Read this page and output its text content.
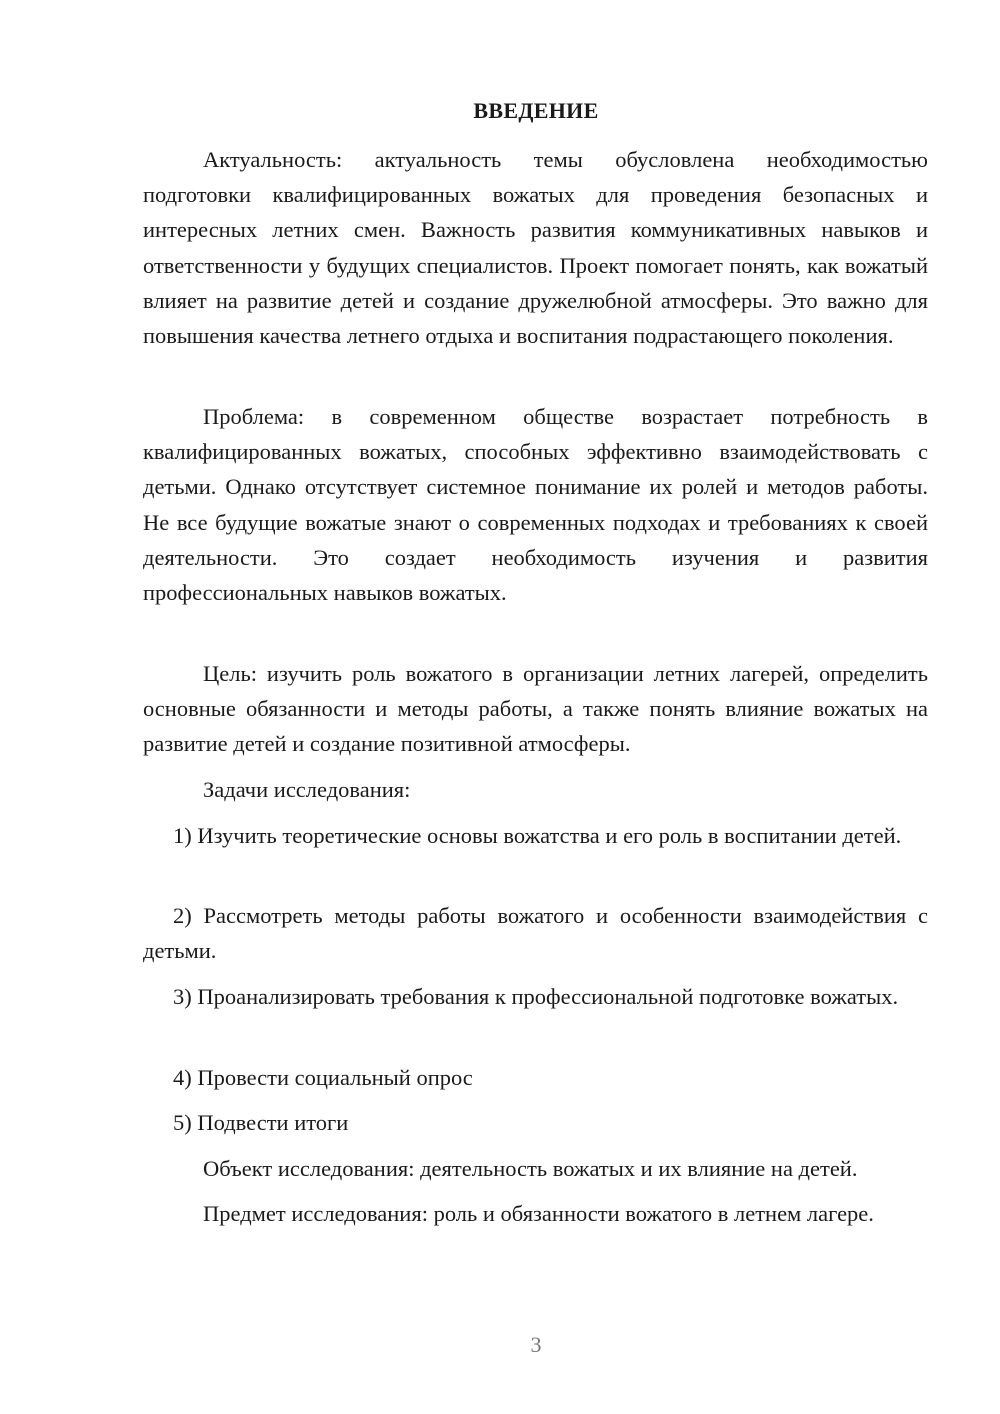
ВВЕДЕНИЕ

Актуальность: актуальность темы обусловлена необходимостью подготовки квалифицированных вожатых для проведения безопасных и интересных летних смен. Важность развития коммуникативных навыков и ответственности у будущих специалистов. Проект помогает понять, как вожатый влияет на развитие детей и создание дружелюбной атмосферы. Это важно для повышения качества летнего отдыха и воспитания подрастающего поколения.

Проблема: в современном обществе возрастает потребность в квалифицированных вожатых, способных эффективно взаимодействовать с детьми. Однако отсутствует системное понимание их ролей и методов работы. Не все будущие вожатые знают о современных подходах и требованиях к своей деятельности. Это создает необходимость изучения и развития профессиональных навыков вожатых.

Цель: изучить роль вожатого в организации летних лагерей, определить основные обязанности и методы работы, а также понять влияние вожатых на развитие детей и создание позитивной атмосферы.

Задачи исследования:

1) Изучить теоретические основы вожатства и его роль в воспитании детей.

2) Рассмотреть методы работы вожатого и особенности взаимодействия с детьми.

3) Проанализировать требования к профессиональной подготовке вожатых.

4) Провести социальный опрос

5) Подвести итоги

Объект исследования: деятельность вожатых и их влияние на детей.

Предмет исследования: роль и обязанности вожатого в летнем лагере.

3
